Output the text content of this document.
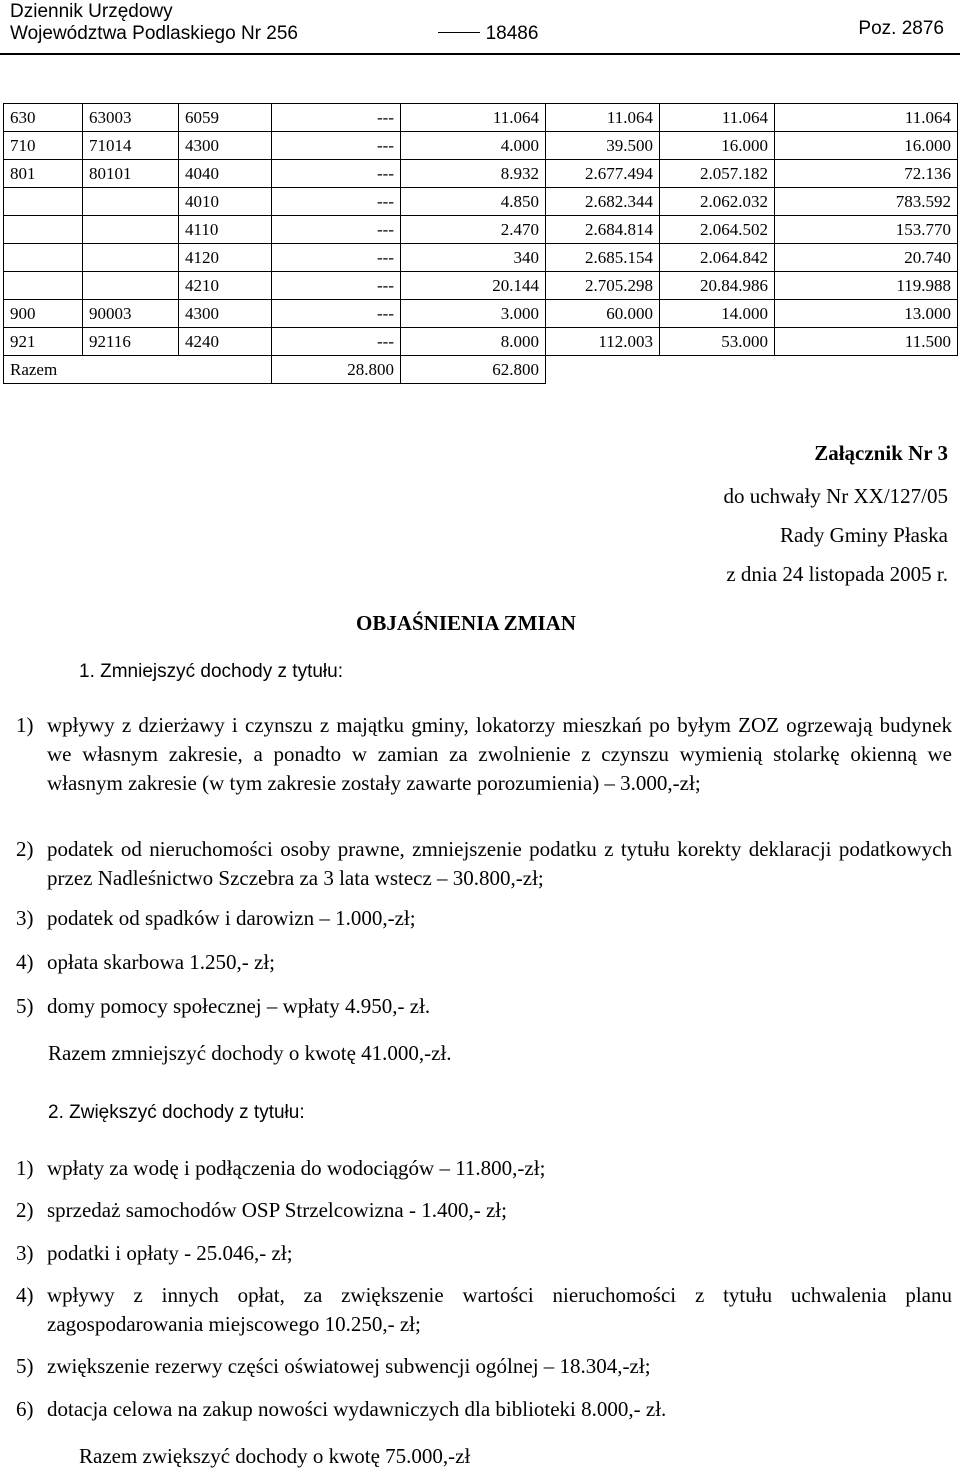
Dziennik Urzędowy
Województwa Podlaskiego Nr 256	18486	Poz. 2876
630	63003	6059	---	11.064	11.064	11.064	11.064
710	71014	4300	---	4.000	39.500	16.000	16.000
801	80101	4040	---	8.932	2.677.494	2.057.182	72.136
		4010	---	4.850	2.682.344	2.062.032	783.592
		4110	---	2.470	2.684.814	2.064.502	153.770
		4120	---	340	2.685.154	2.064.842	20.740
		4210	---	20.144	2.705.298	20.84.986	119.988
900	90003	4300	---	3.000	60.000	14.000	13.000
921	92116	4240	---	8.000	112.003	53.000	11.500
Razem			28.800	62.800			
Załącznik Nr 3
do uchwały Nr XX/127/05
Rady Gminy Płaska
z dnia 24 listopada 2005 r.
OBJAŚNIENIA ZMIAN
1. Zmniejszyć dochody z tytułu:
1) wpływy z dzierżawy i czynszu z majątku gminy, lokatorzy mieszkań po byłym ZOZ ogrzewają budynek we własnym zakresie, a ponadto w zamian za zwolnienie z czynszu wymienią stolarkę okienną we własnym zakresie (w tym zakresie zostały zawarte porozumienia) – 3.000,-zł;
2) podatek od nieruchomości osoby prawne, zmniejszenie podatku z tytułu korekty deklaracji podatkowych przez Nadleśnictwo Szczebra za 3 lata wstecz – 30.800,-zł;
3) podatek od spadków i darowizn – 1.000,-zł;
4) opłata skarbowa 1.250,- zł;
5) domy pomocy społecznej – wpłaty 4.950,- zł.
Razem zmniejszyć dochody o kwotę 41.000,-zł.
2. Zwiększyć dochody z tytułu:
1) wpłaty za wodę i podłączenia do wodociągów – 11.800,-zł;
2) sprzedaż samochodów OSP Strzelcowizna - 1.400,- zł;
3) podatki i opłaty - 25.046,- zł;
4) wpływy z innych opłat, za zwiększenie wartości nieruchomości z tytułu uchwalenia planu zagospodarowania miejscowego 10.250,- zł;
5) zwiększenie rezerwy części oświatowej subwencji ogólnej – 18.304,-zł;
6) dotacja celowa na zakup nowości wydawniczych dla biblioteki 8.000,- zł.
Razem zwiększyć dochody o kwotę 75.000,-zł
